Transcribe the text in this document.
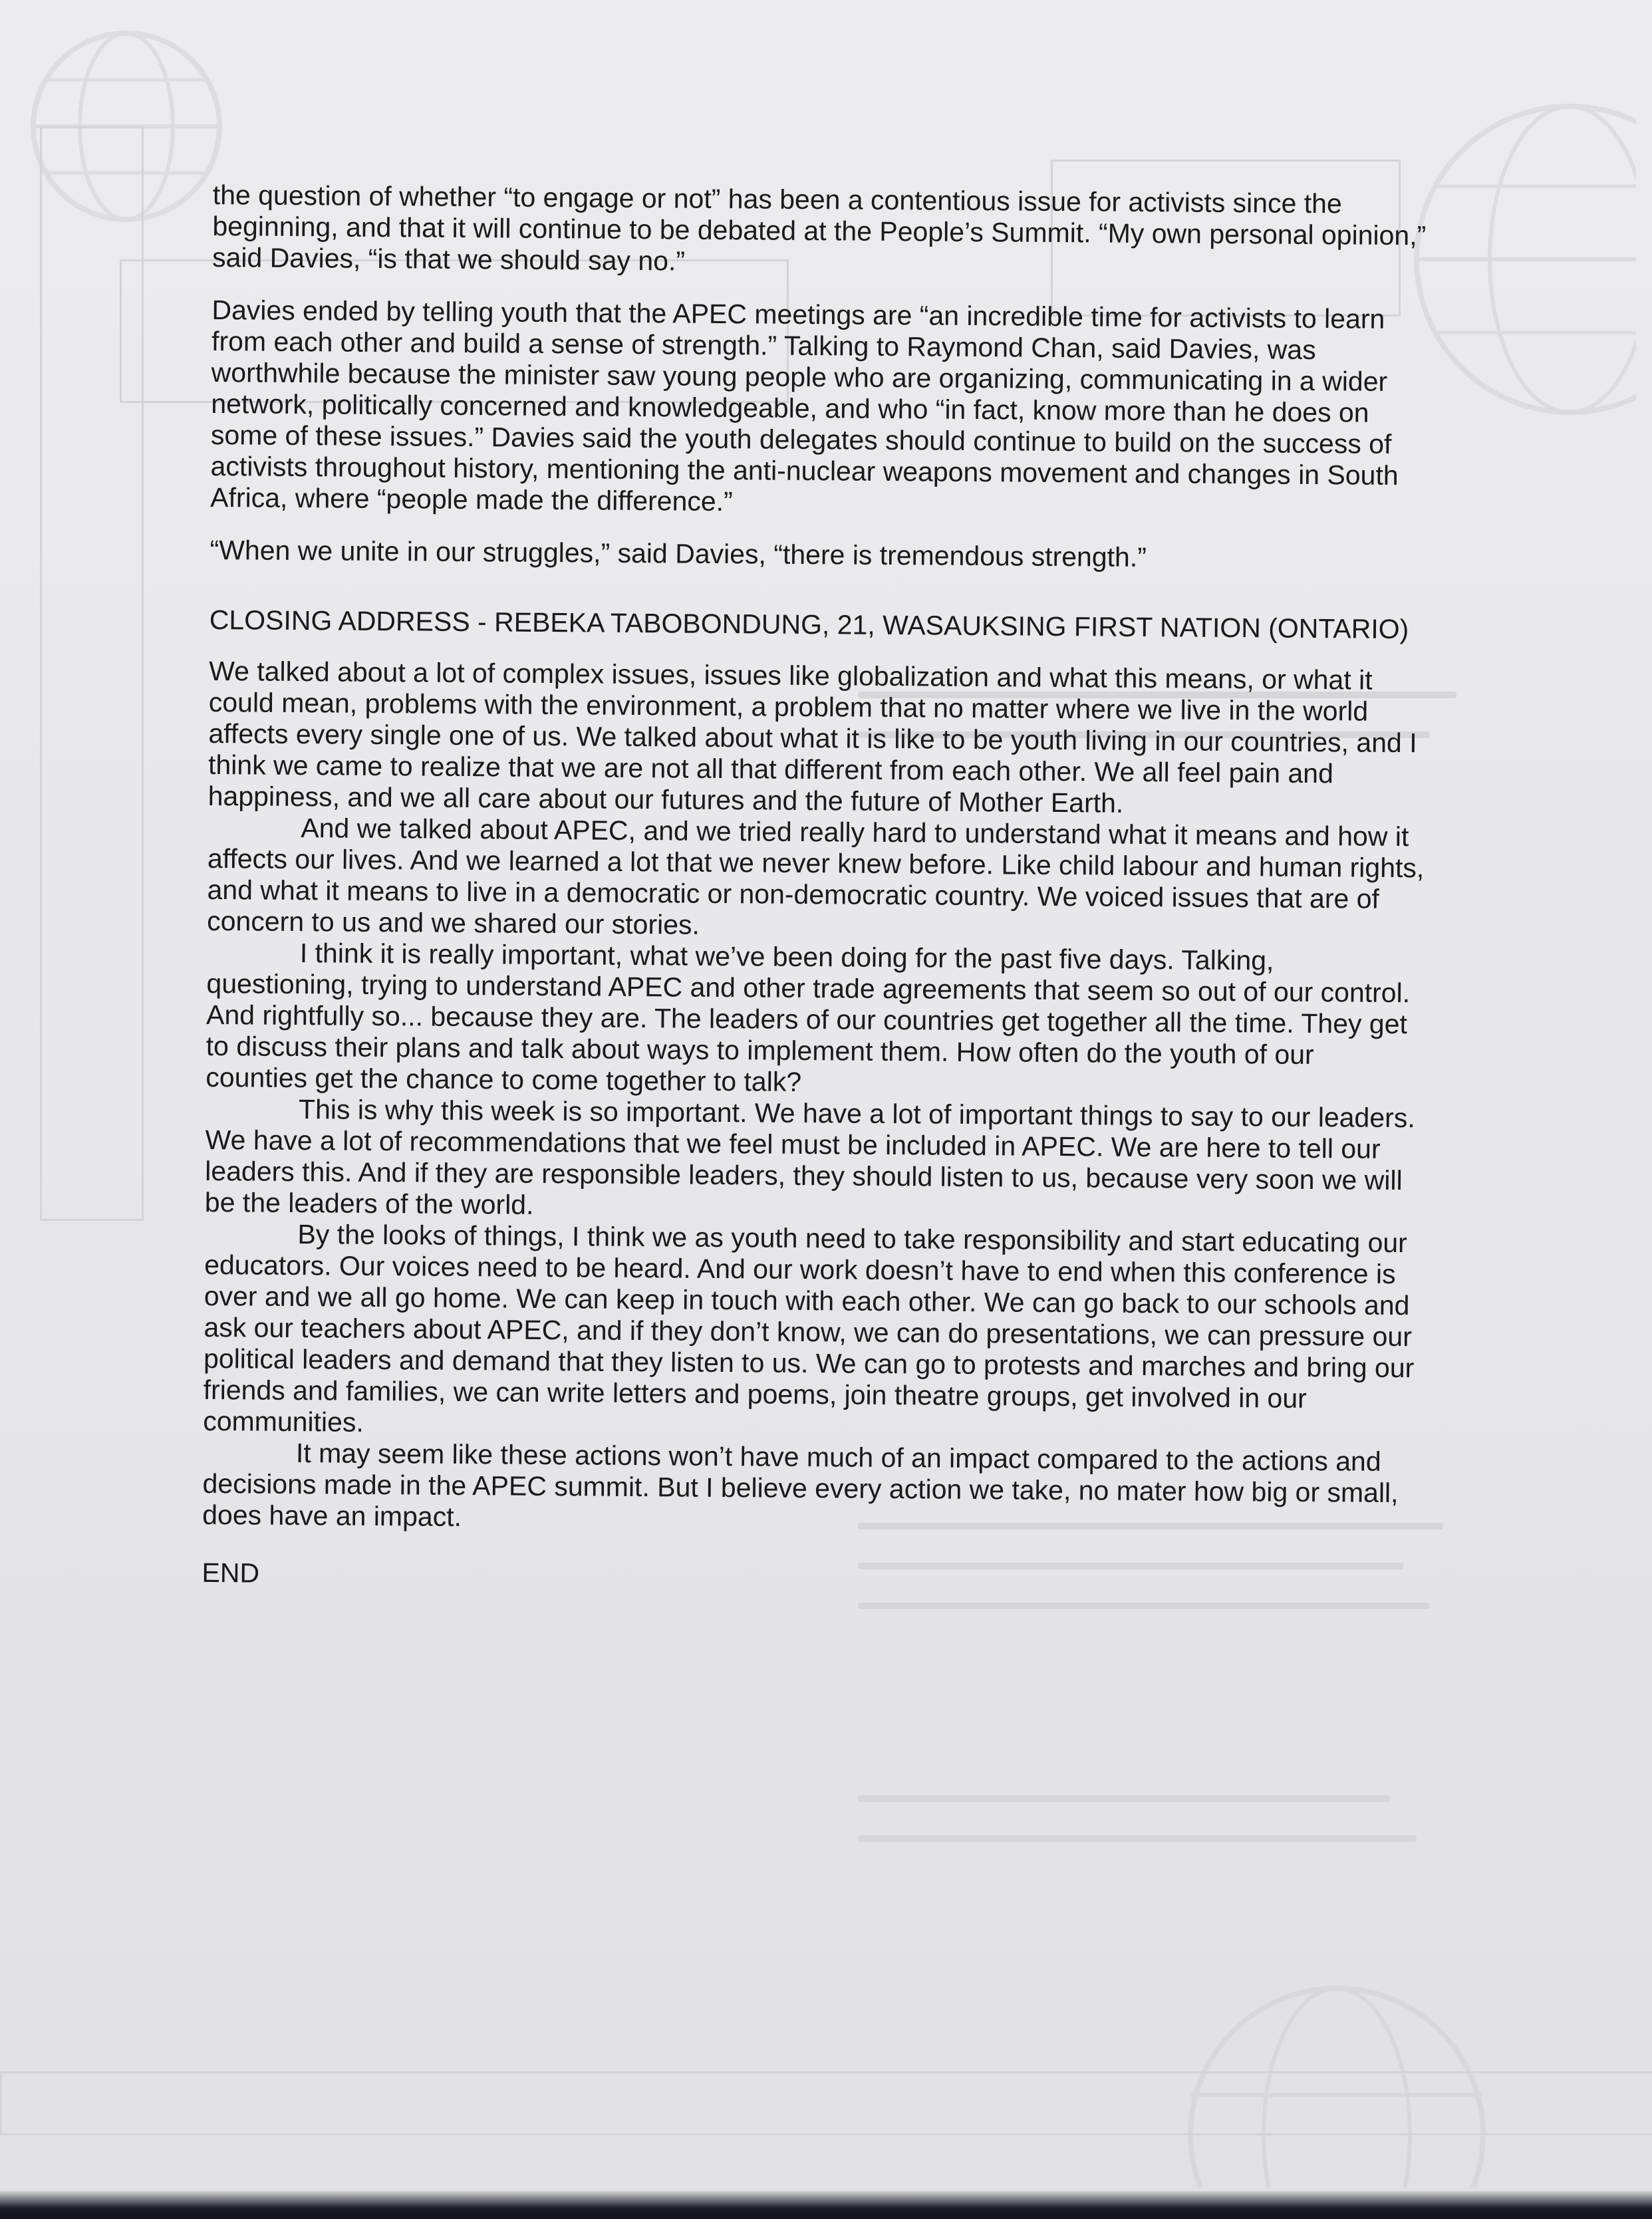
the question of whether “to engage or not” has been a contentious issue for activists since the beginning, and that it will continue to be debated at the People’s Summit. “My own personal opinion,” said Davies, “is that we should say no.”

Davies ended by telling youth that the APEC meetings are “an incredible time for activists to learn from each other and build a sense of strength.” Talking to Raymond Chan, said Davies, was worthwhile because the minister saw young people who are organizing, communicating in a wider network, politically concerned and knowledgeable, and who “in fact, know more than he does on some of these issues.” Davies said the youth delegates should continue to build on the success of activists throughout history, mentioning the anti-nuclear weapons movement and changes in South Africa, where “people made the difference.”

“When we unite in our struggles,” said Davies, “there is tremendous strength.”

CLOSING ADDRESS - REBEKA TABOBONDUNG, 21, WASAUKSING FIRST NATION (ONTARIO)

We talked about a lot of complex issues, issues like globalization and what this means, or what it could mean, problems with the environment, a problem that no matter where we live in the world affects every single one of us. We talked about what it is like to be youth living in our countries, and I think we came to realize that we are not all that different from each other. We all feel pain and happiness, and we all care about our futures and the future of Mother Earth.

And we talked about APEC, and we tried really hard to understand what it means and how it affects our lives. And we learned a lot that we never knew before. Like child labour and human rights, and what it means to live in a democratic or non-democratic country. We voiced issues that are of concern to us and we shared our stories.

I think it is really important, what we’ve been doing for the past five days. Talking, questioning, trying to understand APEC and other trade agreements that seem so out of our control. And rightfully so... because they are. The leaders of our countries get together all the time. They get to discuss their plans and talk about ways to implement them. How often do the youth of our counties get the chance to come together to talk?

This is why this week is so important. We have a lot of important things to say to our leaders. We have a lot of recommendations that we feel must be included in APEC. We are here to tell our leaders this. And if they are responsible leaders, they should listen to us, because very soon we will be the leaders of the world.

By the looks of things, I think we as youth need to take responsibility and start educating our educators. Our voices need to be heard. And our work doesn’t have to end when this conference is over and we all go home. We can keep in touch with each other. We can go back to our schools and ask our teachers about APEC, and if they don’t know, we can do presentations, we can pressure our political leaders and demand that they listen to us. We can go to protests and marches and bring our friends and families, we can write letters and poems, join theatre groups, get involved in our communities.

It may seem like these actions won’t have much of an impact compared to the actions and decisions made in the APEC summit. But I believe every action we take, no mater how big or small, does have an impact.

END
